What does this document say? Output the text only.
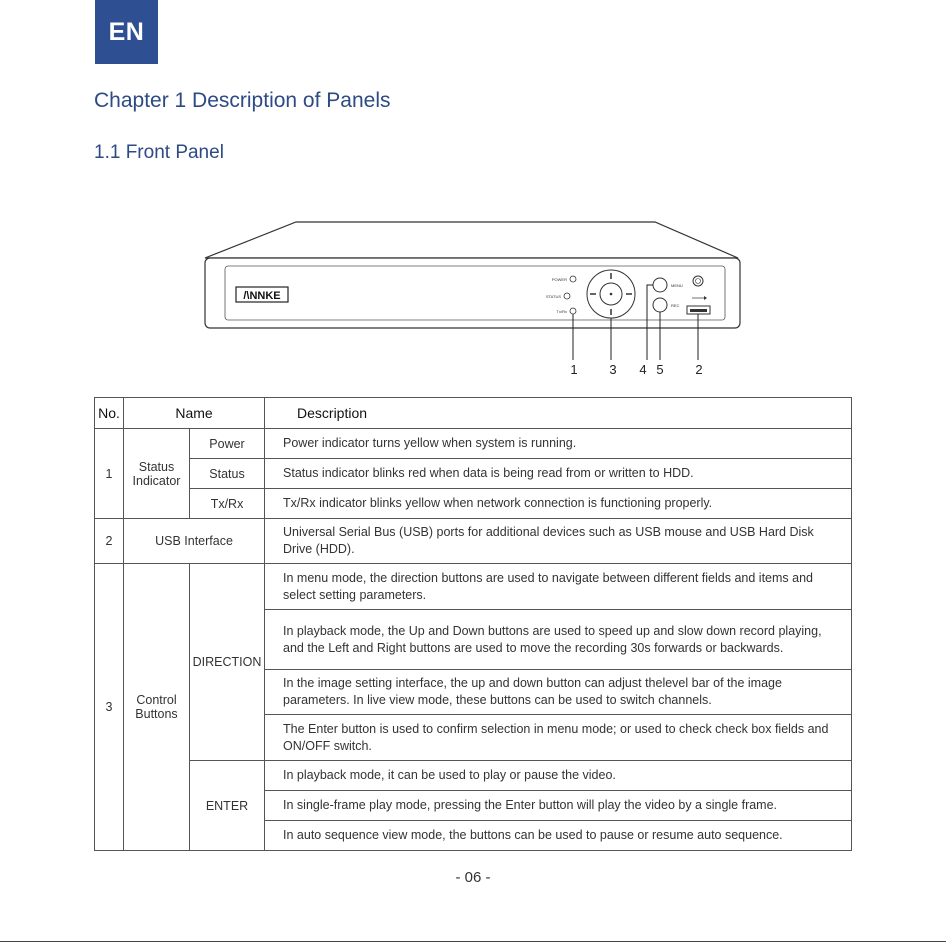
EN
Chapter 1 Description of Panels
1.1 Front Panel
/\NNKE
POWER
STATUS
Tx/Rx
MENU
REC
1 3 4 5 2
No.	Name		Description
1	Status Indicator	Power	Power indicator turns yellow when system is running.
		Status	Status indicator blinks red when data is being read from or written to HDD.
		Tx/Rx	Tx/Rx indicator blinks yellow when network connection is functioning properly.
2	USB Interface		Universal Serial Bus (USB) ports for additional devices such as USB mouse and USB Hard Disk Drive (HDD).
3	Control Buttons	DIRECTION	In menu mode, the direction buttons are used to navigate between different fields and items and select setting parameters.
			In playback mode, the Up and Down buttons are used to speed up and slow down record playing, and the Left and Right buttons are used to move the recording 30s forwards or backwards.
			In the image setting interface, the up and down button can adjust thelevel bar of the image parameters. In live view mode, these buttons can be used to switch channels.
			The Enter button is used to confirm selection in menu mode; or used to check check box fields and ON/OFF switch.
		ENTER	In playback mode, it can be used to play or pause the video.
			In single-frame play mode, pressing the Enter button will play the video by a single frame.
			In auto sequence view mode, the buttons can be used to pause or resume auto sequence.
- 06 -
